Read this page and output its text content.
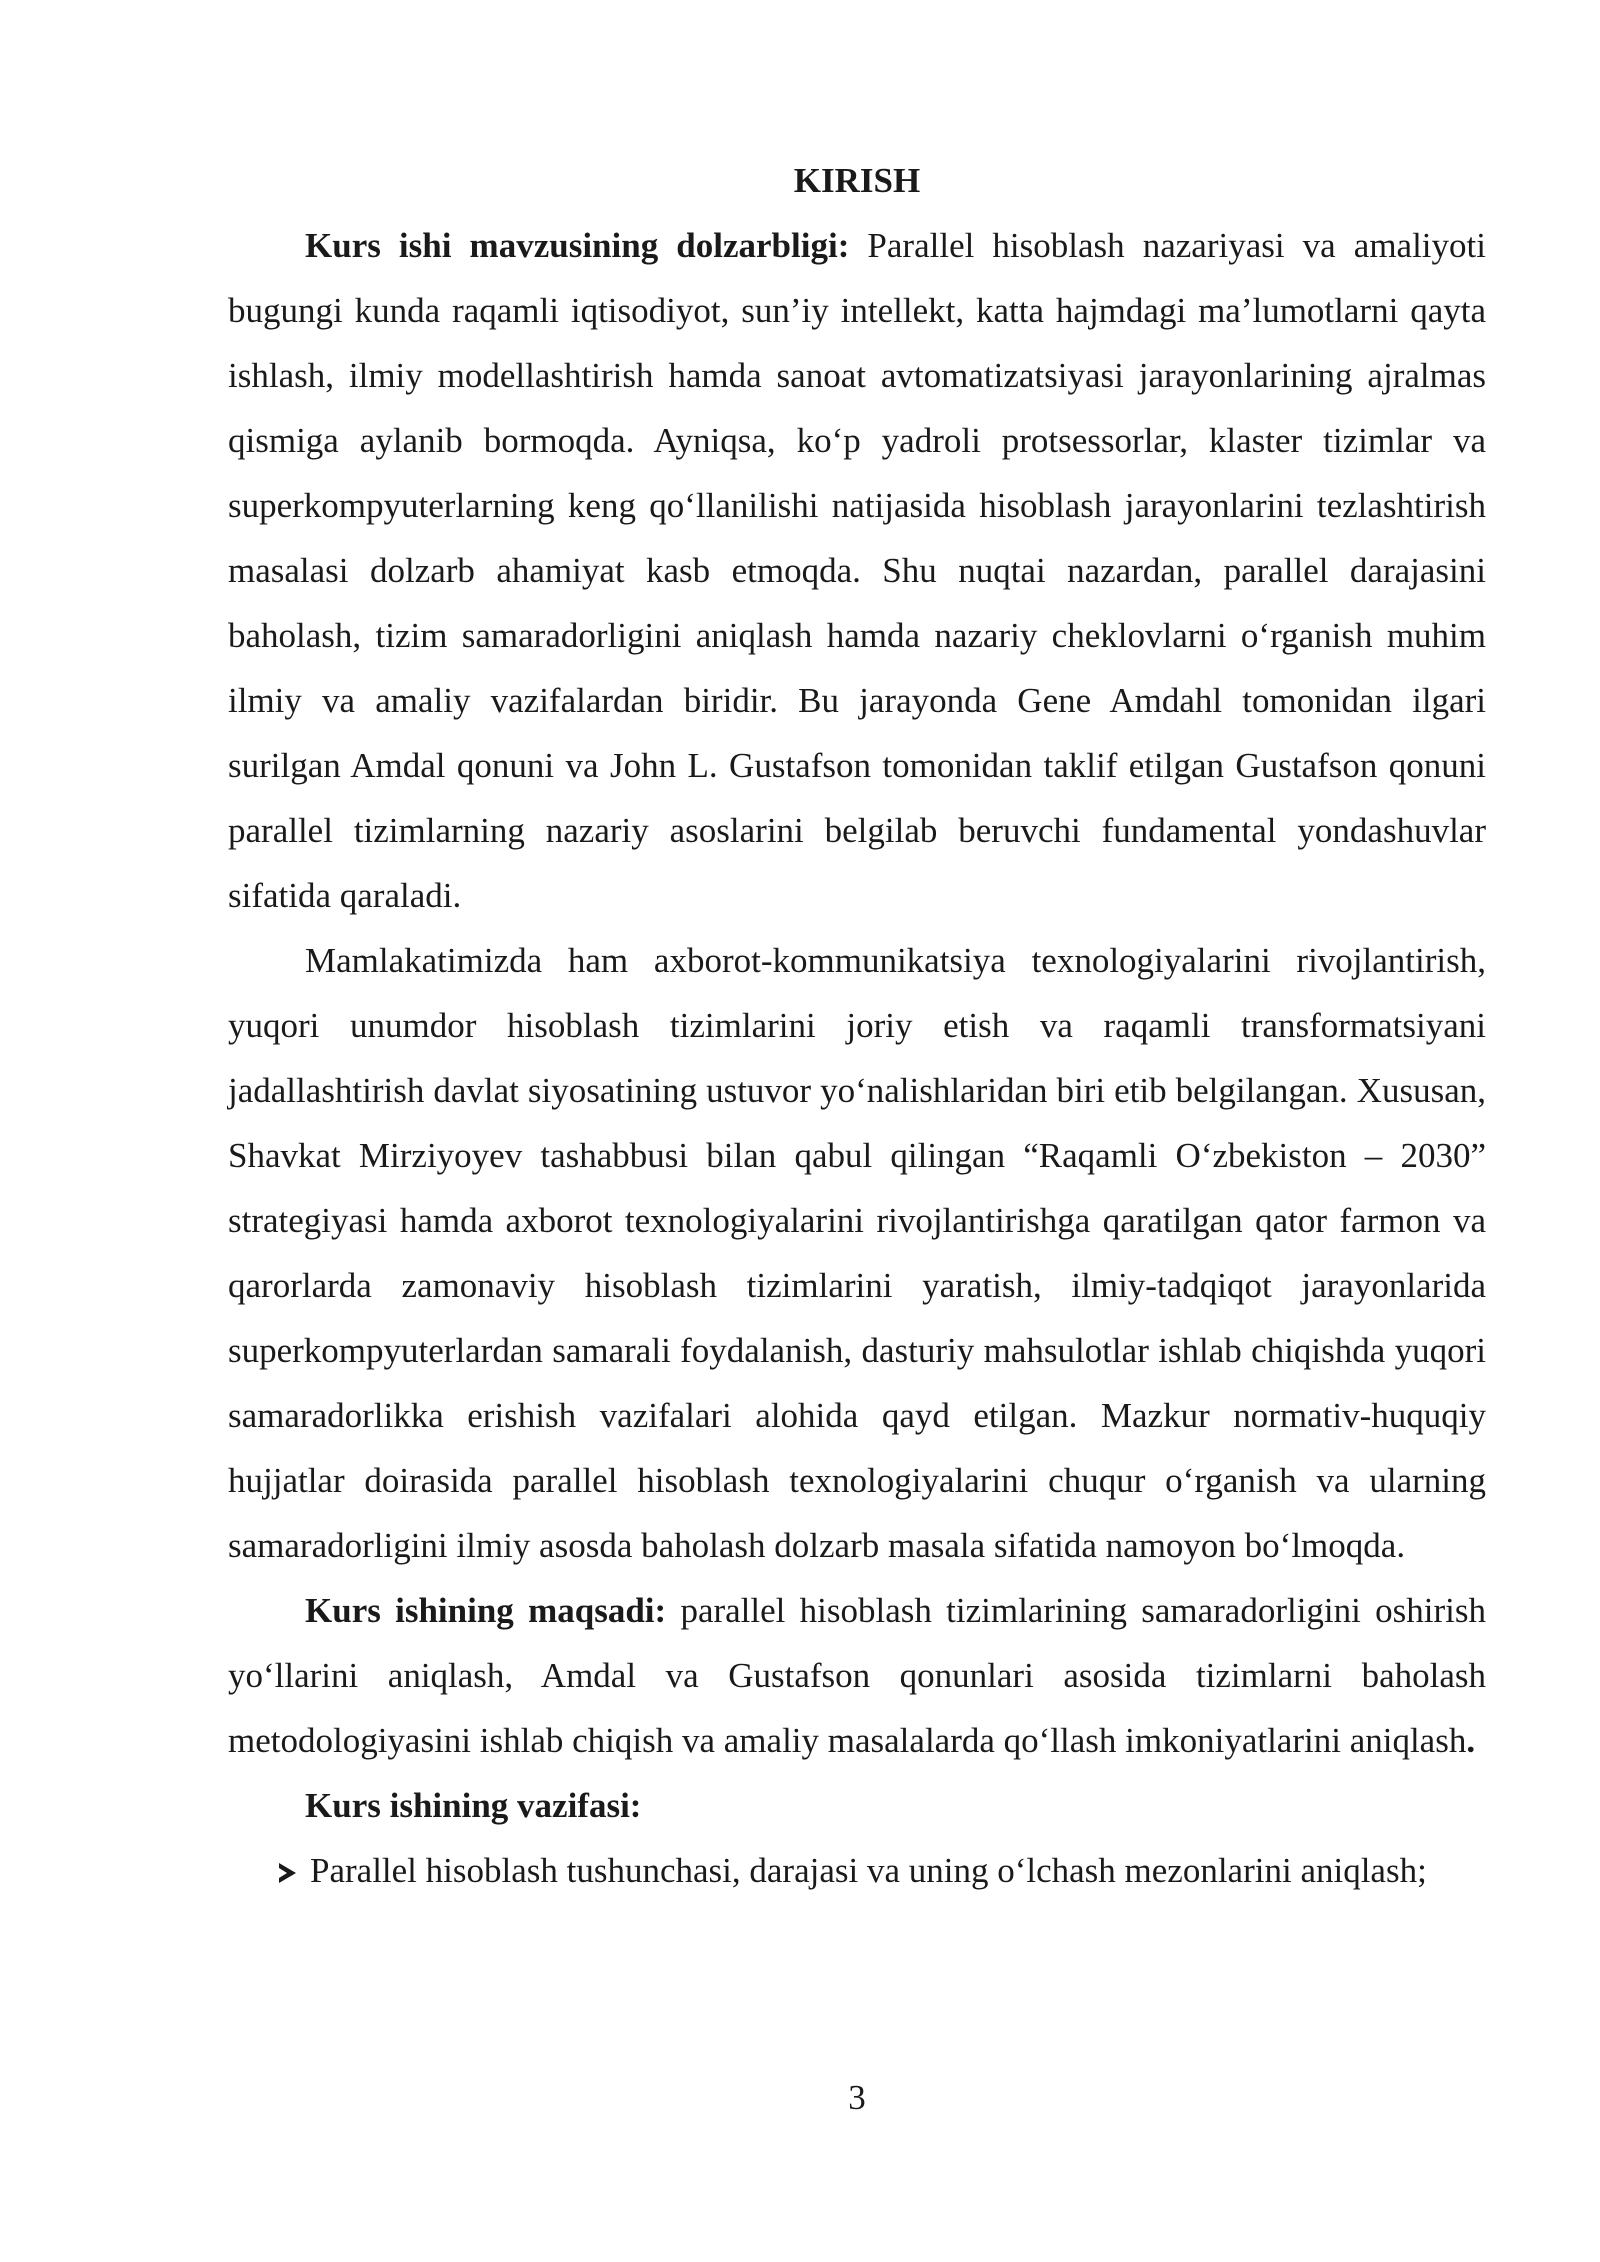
KIRISH

Kurs ishi mavzusining dolzarbligi: Parallel hisoblash nazariyasi va amaliyoti bugungi kunda raqamli iqtisodiyot, sun’iy intellekt, katta hajmdagi ma’lumotlarni qayta ishlash, ilmiy modellashtirish hamda sanoat avtomatizatsiyasi jarayonlarining ajralmas qismiga aylanib bormoqda. Ayniqsa, ko‘p yadroli protsessorlar, klaster tizimlar va superkompyuterlarning keng qo‘llanilishi natijasida hisoblash jarayonlarini tezlashtirish masalasi dolzarb ahamiyat kasb etmoqda. Shu nuqtai nazardan, parallel darajasini baholash, tizim samaradorligini aniqlash hamda nazariy cheklovlarni o‘rganish muhim ilmiy va amaliy vazifalardan biridir. Bu jarayonda Gene Amdahl tomonidan ilgari surilgan Amdal qonuni va John L. Gustafson tomonidan taklif etilgan Gustafson qonuni parallel tizimlarning nazariy asoslarini belgilab beruvchi fundamental yondashuvlar sifatida qaraladi.

Mamlakatimizda ham axborot-kommunikatsiya texnologiyalarini rivojlantirish, yuqori unumdor hisoblash tizimlarini joriy etish va raqamli transformatsiyani jadallashtirish davlat siyosatining ustuvor yo‘nalishlaridan biri etib belgilangan. Xususan, Shavkat Mirziyoyev tashabbusi bilan qabul qilingan “Raqamli O‘zbekiston – 2030” strategiyasi hamda axborot texnologiyalarini rivojlantirishga qaratilgan qator farmon va qarorlarda zamonaviy hisoblash tizimlarini yaratish, ilmiy-tadqiqot jarayonlarida superkompyuterlardan samarali foydalanish, dasturiy mahsulotlar ishlab chiqishda yuqori samaradorlikka erishish vazifalari alohida qayd etilgan. Mazkur normativ-huquqiy hujjatlar doirasida parallel hisoblash texnologiyalarini chuqur o‘rganish va ularning samaradorligini ilmiy asosda baholash dolzarb masala sifatida namoyon bo‘lmoqda.

Kurs ishining maqsadi: parallel hisoblash tizimlarining samaradorligini oshirish yo‘llarini aniqlash, Amdal va Gustafson qonunlari asosida tizimlarni baholash metodologiyasini ishlab chiqish va amaliy masalalarda qo‘llash imkoniyatlarini aniqlash.

Kurs ishining vazifasi:

Parallel hisoblash tushunchasi, darajasi va uning o‘lchash mezonlarini aniqlash;

3
